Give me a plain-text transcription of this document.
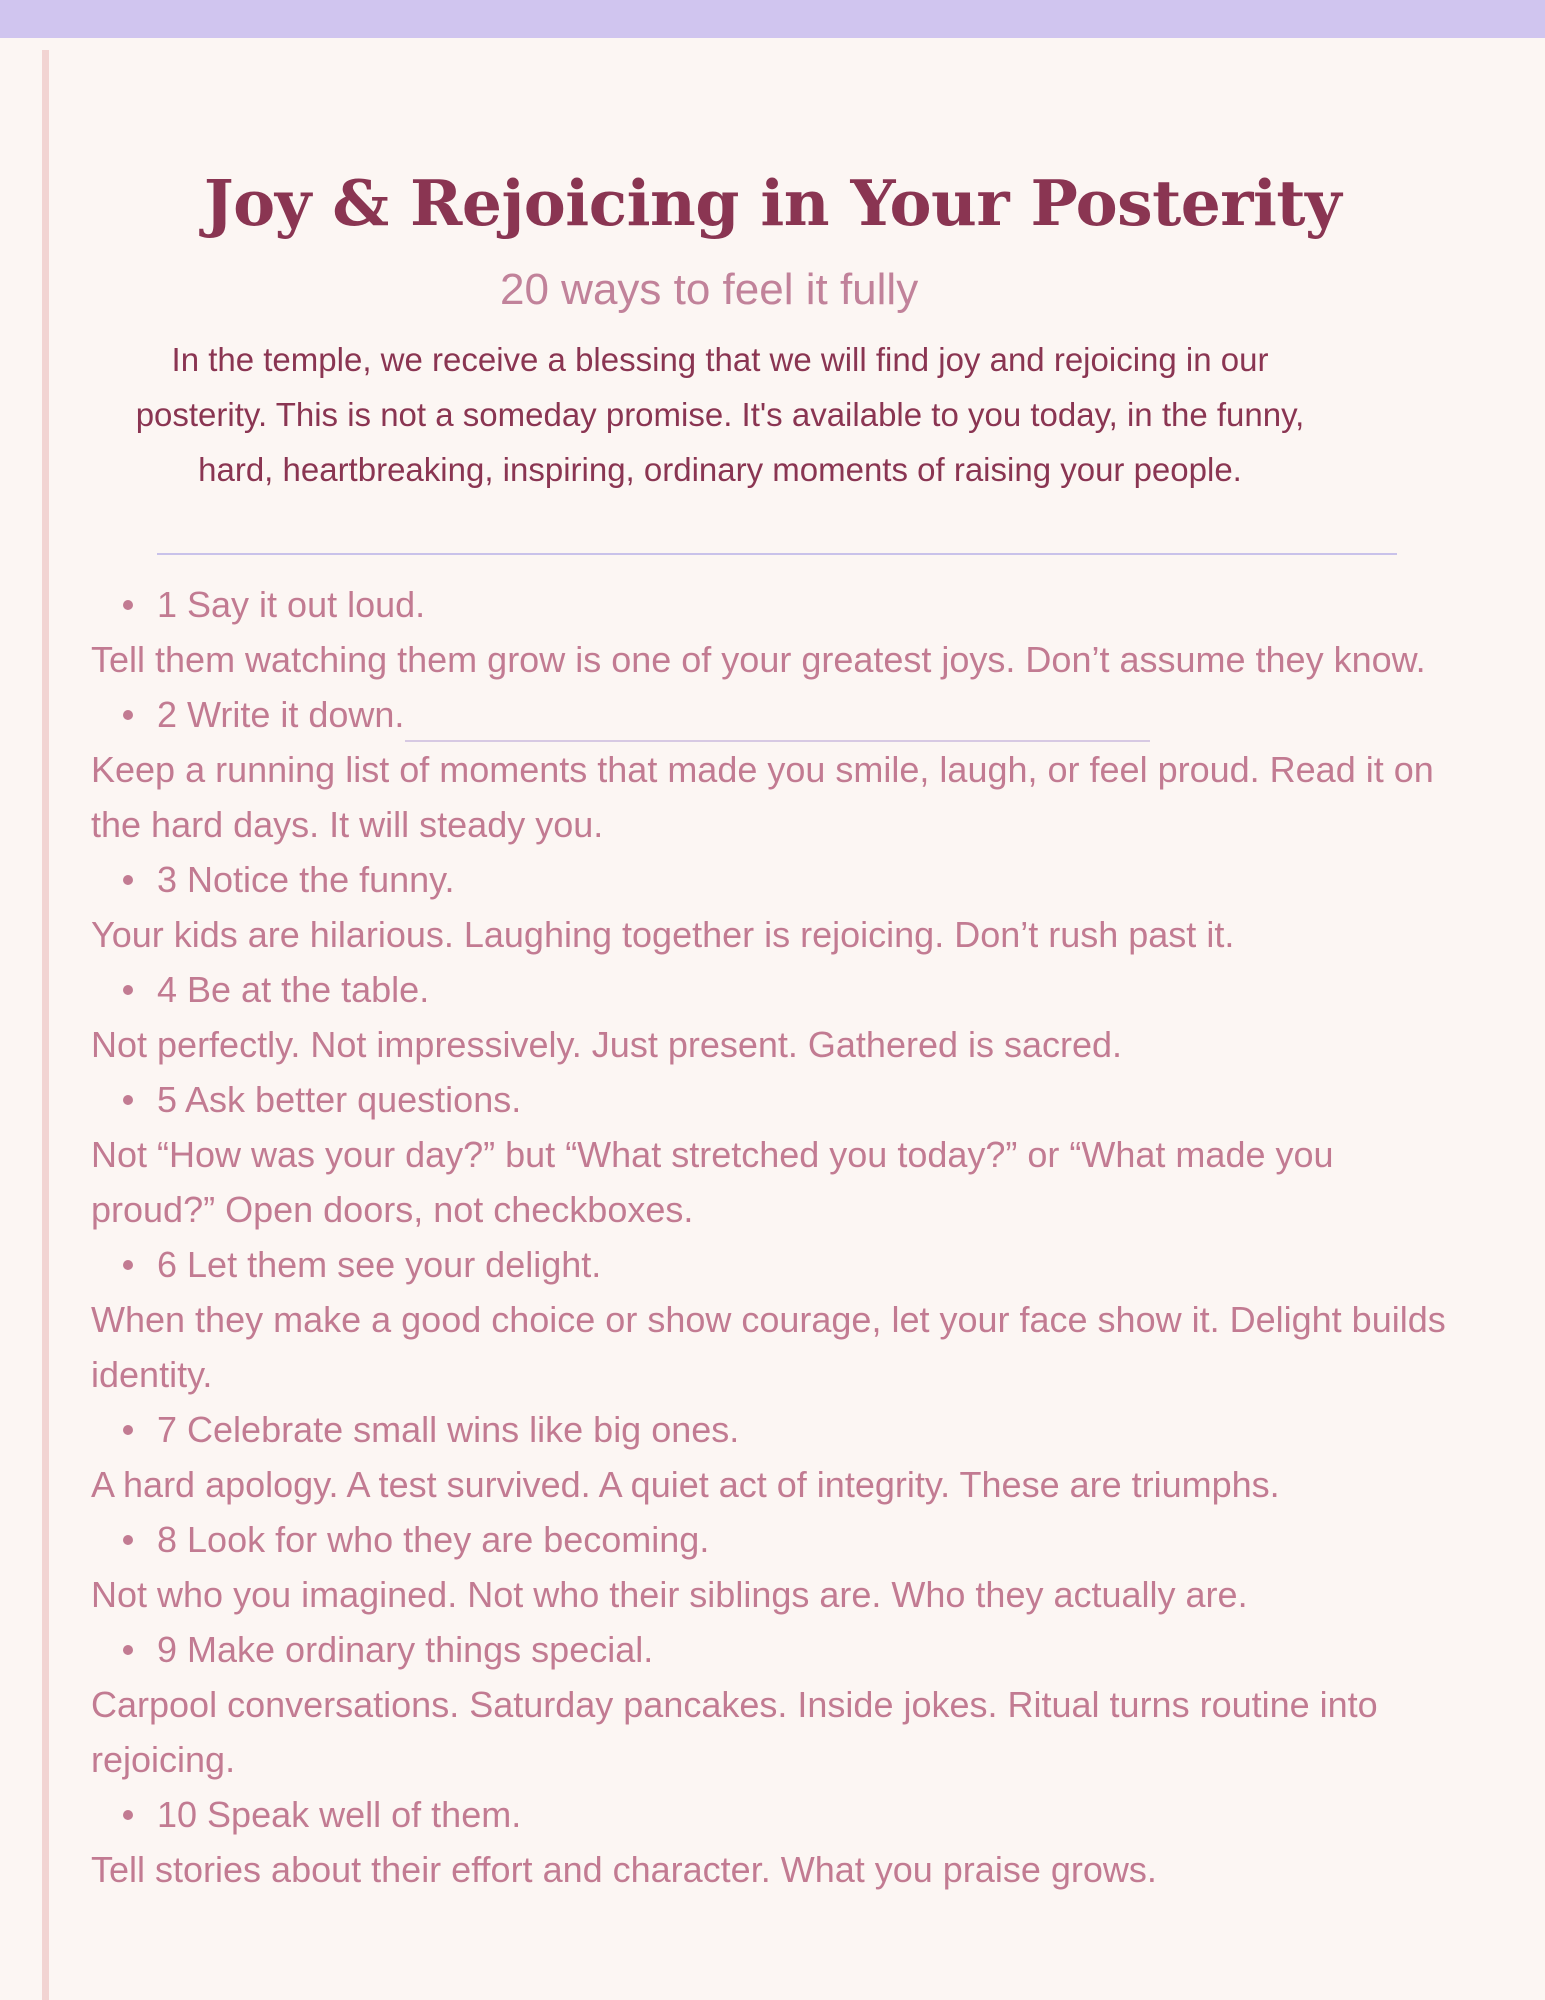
Joy & Rejoicing in Your Posterity

20 ways to feel it fully

In the temple, we receive a blessing that we will find joy and rejoicing in our posterity. This is not a someday promise. It's available to you today, in the funny, hard, heartbreaking, inspiring, ordinary moments of raising your people.

1 Say it out loud.

Tell them watching them grow is one of your greatest joys. Don’t assume they know.

2 Write it down.

Keep a running list of moments that made you smile, laugh, or feel proud. Read it on the hard days. It will steady you.

3 Notice the funny.

Your kids are hilarious. Laughing together is rejoicing. Don’t rush past it.

4 Be at the table.

Not perfectly. Not impressively. Just present. Gathered is sacred.

5 Ask better questions.

Not “How was your day?” but “What stretched you today?” or “What made you proud?” Open doors, not checkboxes.

6 Let them see your delight.

When they make a good choice or show courage, let your face show it. Delight builds identity.

7 Celebrate small wins like big ones.

A hard apology. A test survived. A quiet act of integrity. These are triumphs.

8 Look for who they are becoming.

Not who you imagined. Not who their siblings are. Who they actually are.

9 Make ordinary things special.

Carpool conversations. Saturday pancakes. Inside jokes. Ritual turns routine into rejoicing.

10 Speak well of them.

Tell stories about their effort and character. What you praise grows.
